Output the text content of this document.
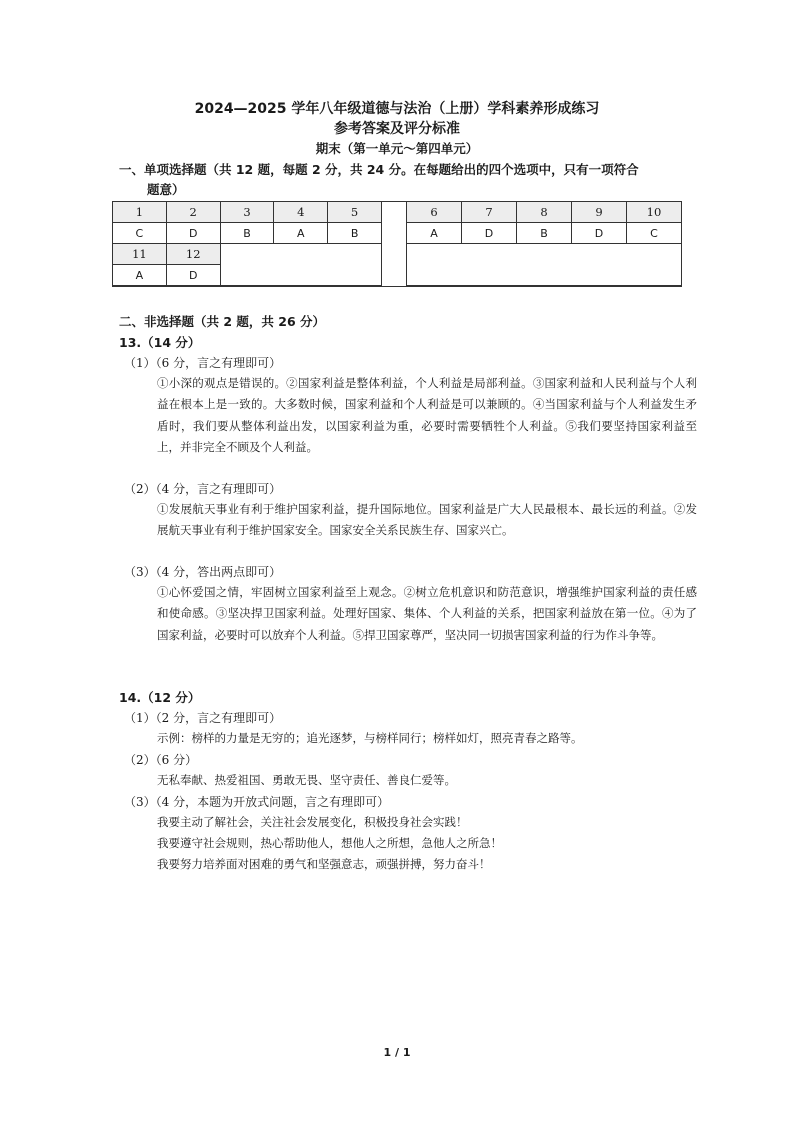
2024—2025 学年八年级道德与法治（上册）学科素养形成练习
参考答案及评分标准
期末（第一单元～第四单元）
一、单项选择题（共 12 题，每题 2 分，共 24 分。在每题给出的四个选项中，只有一项符合
题意）
1	2	3	4	5
C	D	B	A	B
11	12			
A	D			
6	7	8	9	10
A	D	B	D	C

二、非选择题（共 2 题，共 26 分）
13.（14 分）
（1）（6 分，言之有理即可）
①小深的观点是错误的。②国家利益是整体利益，个人利益是局部利益。③国家利益和人民利益与个人利益在根本上是一致的。大多数时候，国家利益和个人利益是可以兼顾的。④当国家利益与个人利益发生矛盾时，我们要从整体利益出发，以国家利益为重，必要时需要牺牲个人利益。⑤我们要坚持国家利益至上，并非完全不顾及个人利益。
（2）（4 分，言之有理即可）
①发展航天事业有利于维护国家利益，提升国际地位。国家利益是广大人民最根本、最长远的利益。②发展航天事业有利于维护国家安全。国家安全关系民族生存、国家兴亡。
（3）（4 分，答出两点即可）
①心怀爱国之情，牢固树立国家利益至上观念。②树立危机意识和防范意识，增强维护国家利益的责任感和使命感。③坚决捍卫国家利益。处理好国家、集体、个人利益的关系，把国家利益放在第一位。④为了国家利益，必要时可以放弃个人利益。⑤捍卫国家尊严，坚决同一切损害国家利益的行为作斗争等。
14.（12 分）
（1）（2 分，言之有理即可）
示例：榜样的力量是无穷的；追光逐梦，与榜样同行；榜样如灯，照亮青春之路等。
（2）（6 分）
无私奉献、热爱祖国、勇敢无畏、坚守责任、善良仁爱等。
（3）（4 分，本题为开放式问题，言之有理即可）
我要主动了解社会，关注社会发展变化，积极投身社会实践！
我要遵守社会规则，热心帮助他人，想他人之所想，急他人之所急！
我要努力培养面对困难的勇气和坚强意志，顽强拼搏，努力奋斗！
1 / 1
